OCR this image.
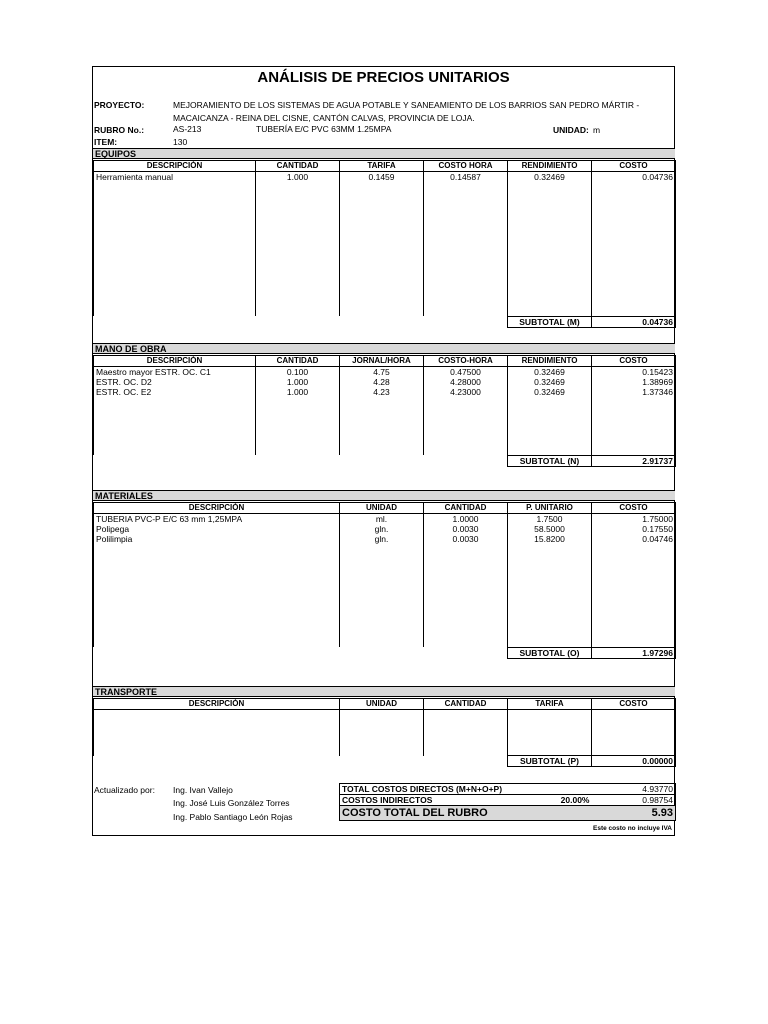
ANÁLISIS DE PRECIOS UNITARIOS
PROYECTO:	MEJORAMIENTO DE LOS SISTEMAS DE AGUA POTABLE Y SANEAMIENTO DE LOS BARRIOS SAN PEDRO MÁRTIR -
MACAICANZA - REINA DEL CISNE, CANTÓN CALVAS, PROVINCIA DE LOJA.
RUBRO No.:	AS-213	TUBERÍA E/C PVC 63MM 1.25MPA	UNIDAD: m
ITEM:	130
EQUIPOS
DESCRIPCIÓN	CANTIDAD	TARIFA	COSTO HORA	RENDIMIENTO	COSTO
Herramienta manual	1.000	0.1459	0.14587	0.32469	0.04736

				SUBTOTAL (M)	0.04736
MANO DE OBRA
DESCRIPCIÓN	CANTIDAD	JORNAL/HORA	COSTO-HORA	RENDIMIENTO	COSTO
Maestro mayor ESTR. OC. C1	0.100	4.75	0.47500	0.32469	0.15423
ESTR. OC. D2	1.000	4.28	4.28000	0.32469	1.38969
ESTR. OC. E2	1.000	4.23	4.23000	0.32469	1.37346

				SUBTOTAL (N)	2.91737
MATERIALES
DESCRIPCIÓN	UNIDAD	CANTIDAD	P. UNITARIO	COSTO
TUBERIA PVC-P E/C 63 mm 1,25MPA	ml.	1.0000	1.7500	1.75000
Polipega	gln.	0.0030	58.5000	0.17550
Polilimpia	gln.	0.0030	15.8200	0.04746

			SUBTOTAL (O)	1.97296
TRANSPORTE
DESCRIPCIÓN	UNIDAD	CANTIDAD	TARIFA	COSTO

			SUBTOTAL (P)	0.00000
Actualizado por: Ing. Ivan Vallejo
Ing. José Luis González Torres
Ing. Pablo Santiago León Rojas
TOTAL COSTOS DIRECTOS (M+N+O+P)		4.93770
COSTOS INDIRECTOS	20.00%	0.98754
COSTO TOTAL DEL RUBRO		5.93
Este costo no incluye IVA
